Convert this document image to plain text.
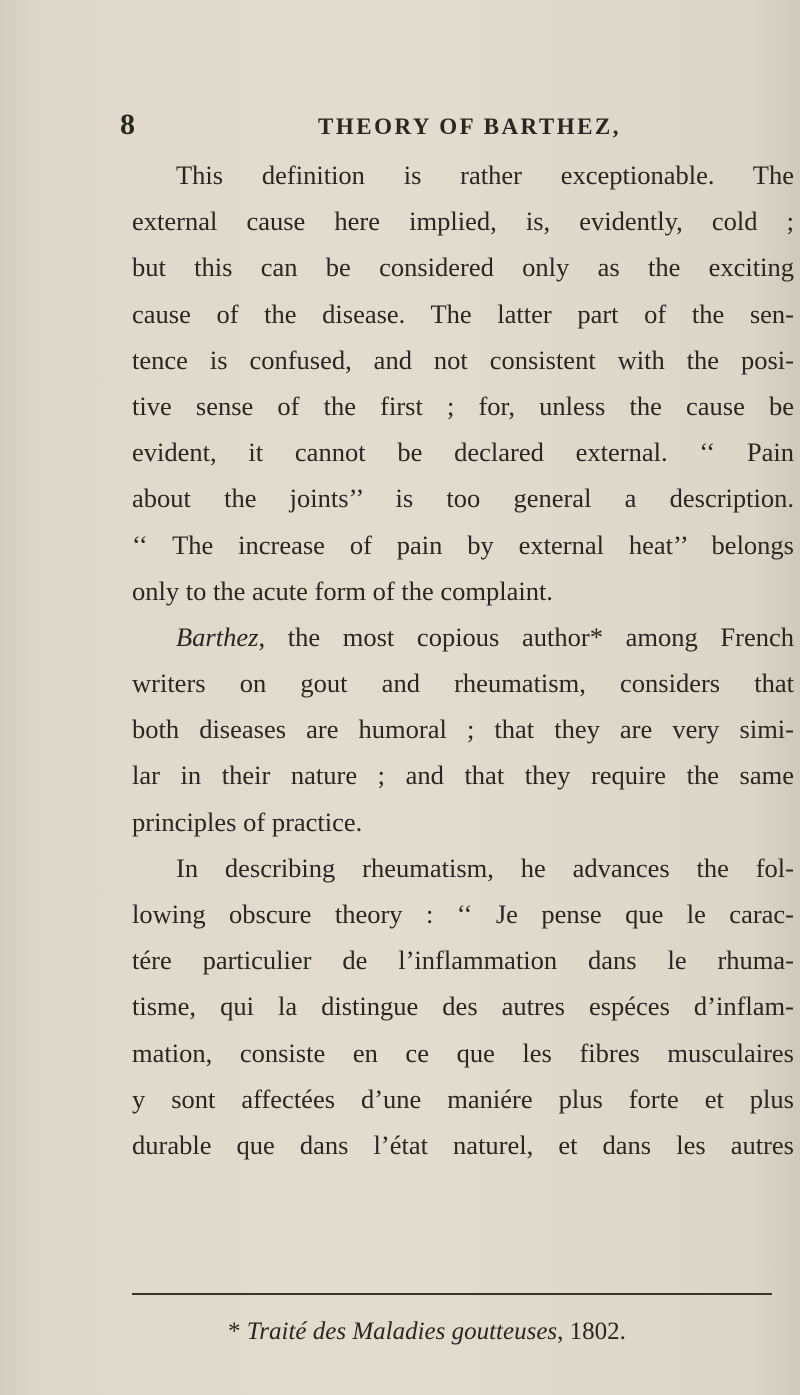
8	THEORY OF BARTHEZ,
This definition is rather exceptionable. The
external cause here implied, is, evidently, cold ;
but this can be considered only as the exciting
cause of the disease. The latter part of the sen-
tence is confused, and not consistent with the posi-
tive sense of the first ; for, unless the cause be
evident, it cannot be declared external. ‘‘ Pain
about the joints’’ is too general a description.
‘‘ The increase of pain by external heat’’ belongs
only to the acute form of the complaint.
Barthez, the most copious author* among French
writers on gout and rheumatism, considers that
both diseases are humoral ; that they are very simi-
lar in their nature ; and that they require the same
principles of practice.
In describing rheumatism, he advances the fol-
lowing obscure theory : ‘‘ Je pense que le carac-
tére particulier de l’inflammation dans le rhuma-
tisme, qui la distingue des autres espéces d’inflam-
mation, consiste en ce que les fibres musculaires
y sont affectées d’une maniére plus forte et plus
durable que dans l’état naturel, et dans les autres
* Traité des Maladies goutteuses, 1802.
